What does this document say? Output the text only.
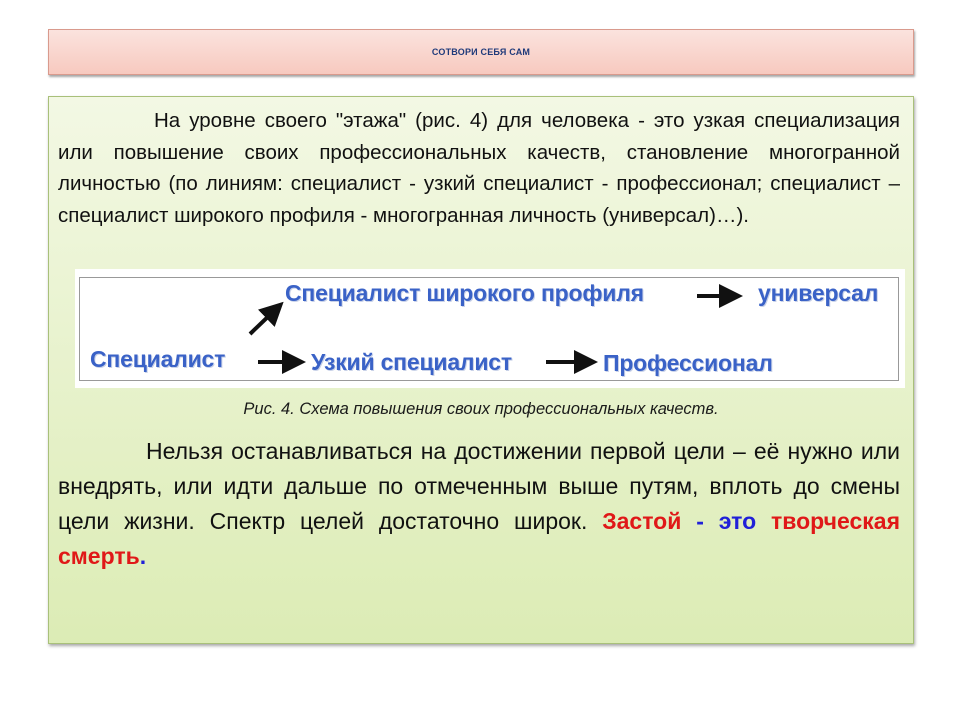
СОТВОРИ СЕБЯ САМ

На уровне своего "этажа" (рис. 4) для человека - это узкая специализация или повышение своих профессиональных качеств, становление многогранной личностью (по линиям: специалист - узкий специалист - профессионал; специалист – специалист широкого профиля - многогранная личность (универсал)…).

Специалист широкого профиля	универсал
Специалист	Узкий специалист	Профессионал
Рис. 4. Схема повышения своих профессиональных качеств.

Нельзя останавливаться на достижении первой цели – её нужно или внедрять, или идти дальше по отмеченным выше путям, вплоть до смены цели жизни. Спектр целей достаточно широк. Застой - это творческая смерть.
